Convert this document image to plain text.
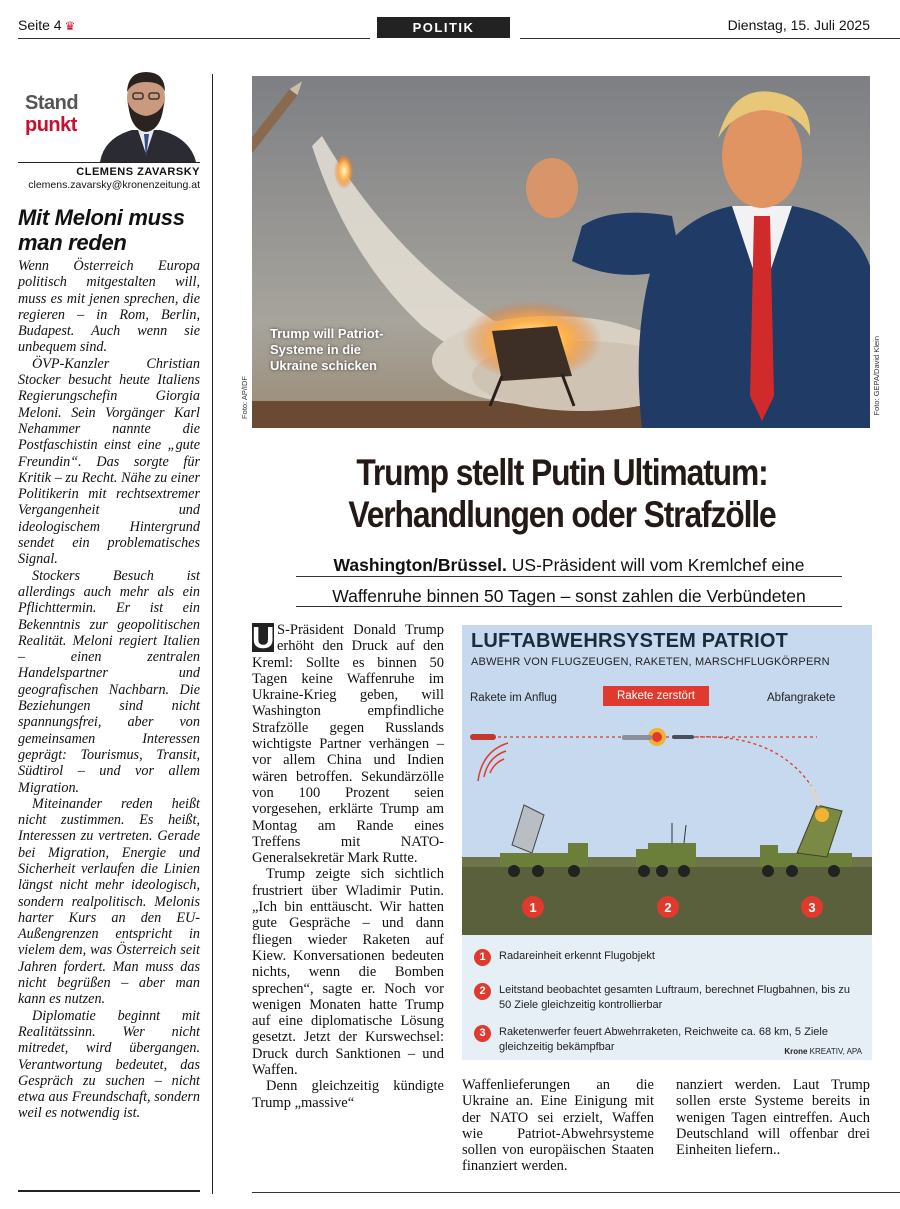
Seite 4 ♛	POLITIK	Dienstag, 15. Juli 2025
Stand
punkt
CLEMENS ZAVARSKY
clemens.zavarsky@kronenzeitung.at
Mit Meloni muss man reden

Wenn Österreich Europa politisch mitgestalten will, muss es mit jenen sprechen, die regieren – in Rom, Berlin, Budapest. Auch wenn sie unbequem sind.

ÖVP-Kanzler Christian Stocker besucht heute Italiens Regierungschefin Giorgia Meloni. Sein Vorgänger Karl Nehammer nannte die Postfaschistin einst eine „gute Freundin“. Das sorgte für Kritik – zu Recht. Nähe zu einer Politikerin mit rechtsextremer Vergangenheit und ideologischem Hintergrund sendet ein problematisches Signal.

Stockers Besuch ist allerdings auch mehr als ein Pflichttermin. Er ist ein Bekenntnis zur geopolitischen Realität. Meloni regiert Italien – einen zentralen Handelspartner und geografischen Nachbarn. Die Beziehungen sind nicht spannungsfrei, aber von gemeinsamen Interessen geprägt: Tourismus, Transit, Südtirol – und vor allem Migration.

Miteinander reden heißt nicht zustimmen. Es heißt, Interessen zu vertreten. Gerade bei Migration, Energie und Sicherheit verlaufen die Linien längst nicht mehr ideologisch, sondern realpolitisch. Melonis harter Kurs an den EU-Außengrenzen entspricht in vielem dem, was Österreich seit Jahren fordert. Man muss das nicht begrüßen – aber man kann es nutzen.

Diplomatie beginnt mit Realitätssinn. Wer nicht mitredet, wird übergangen. Verantwortung bedeutet, das Gespräch zu suchen – nicht etwa aus Freundschaft, sondern weil es notwendig ist.

Trump will Patriot-Systeme in die Ukraine schicken
Foto: AP/IDF	Foto: GEPA/David Klein
Trump stellt Putin Ultimatum:
Verhandlungen oder Strafzölle
Washington/Brüssel. US-Präsident will vom Kremlchef eine
Waffenruhe binnen 50 Tagen – sonst zahlen die Verbündeten

U S-Präsident Donald Trump erhöht den Druck auf den Kreml: Sollte es binnen 50 Tagen keine Waffenruhe im Ukraine-Krieg geben, will Washington empfindliche Strafzölle gegen Russlands wichtigste Partner verhängen – vor allem China und Indien wären betroffen. Sekundärzölle von 100 Prozent seien vorgesehen, erklärte Trump am Montag am Rande eines Treffens mit NATO-Generalsekretär Mark Rutte.

Trump zeigte sich sichtlich frustriert über Wladimir Putin. „Ich bin enttäuscht. Wir hatten gute Gespräche – und dann fliegen wieder Raketen auf Kiew. Konversationen bedeuten nichts, wenn die Bomben sprechen“, sagte er. Noch vor wenigen Monaten hatte Trump auf eine diplomatische Lösung gesetzt. Jetzt der Kurswechsel: Druck durch Sanktionen – und Waffen.

Denn gleichzeitig kündigte Trump „massive“

Waffenlieferungen an die Ukraine an. Eine Einigung mit der NATO sei erzielt, Waffen wie Patriot-Abwehrsysteme sollen von europäischen Staaten finanziert werden.

nanziert werden. Laut Trump sollen erste Systeme bereits in wenigen Tagen eintreffen. Auch Deutschland will offenbar drei Einheiten liefern..

1	2	3
LUFTABWEHRSYSTEM PATRIOT
ABWEHR VON FLUGZEUGEN, RAKETEN, MARSCHFLUGKÖRPERN
Rakete im Anflug	Rakete zerstört	Abfangrakete
1	Radareinheit erkennt Flugobjekt
2	Leitstand beobachtet gesamten Luftraum, berechnet Flugbahnen, bis zu 50 Ziele gleichzeitig kontrollierbar
3	Raketenwerfer feuert Abwehrraketen, Reichweite ca. 68 km, 5 Ziele gleichzeitig bekämpfbar	Krone KREATIV, APA
